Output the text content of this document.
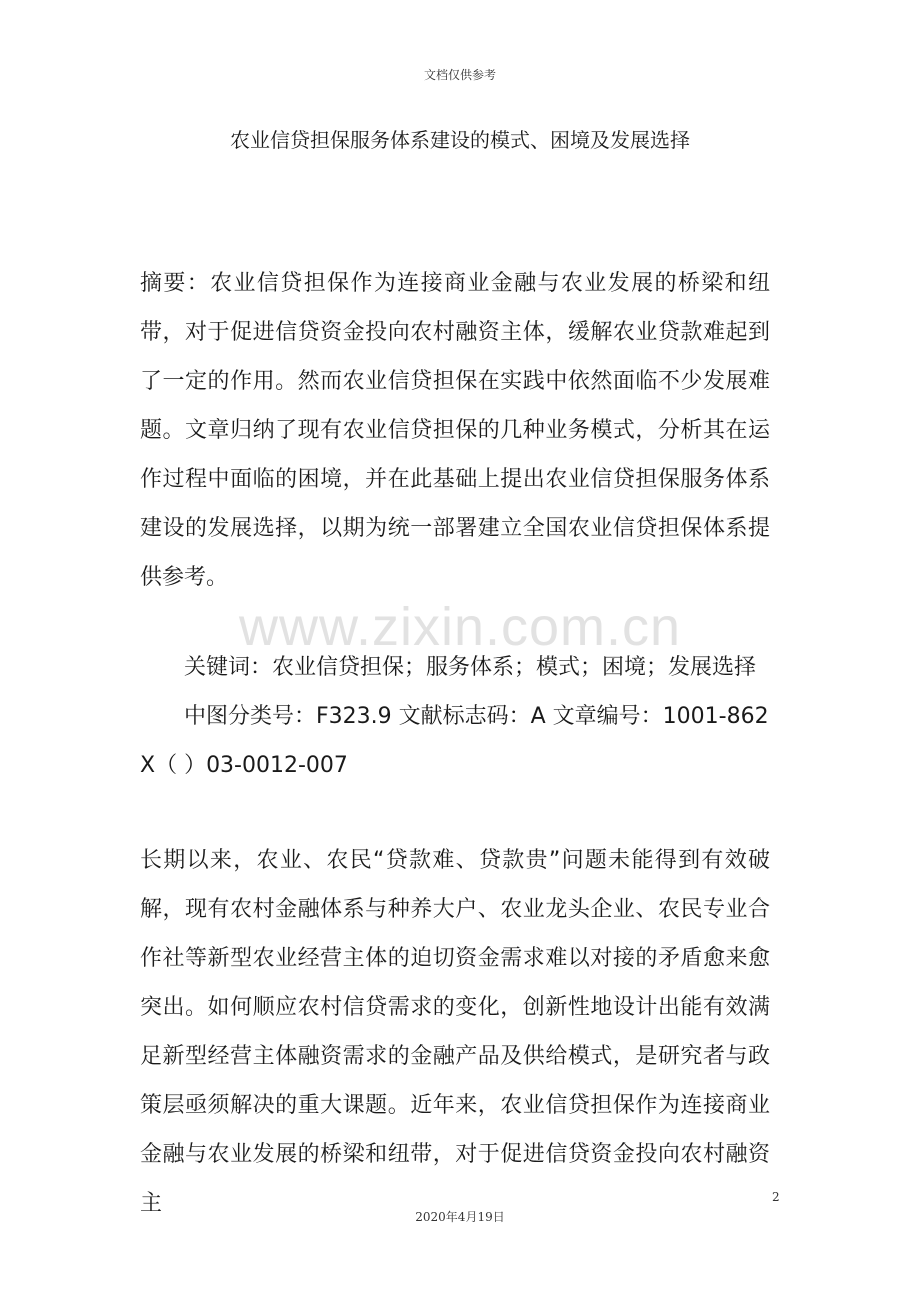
文档仅供参考
农业信贷担保服务体系建设的模式、困境及发展选择
www.zixin.com.cn
摘要：农业信贷担保作为连接商业金融与农业发展的桥梁和纽带，对于促进信贷资金投向农村融资主体，缓解农业贷款难起到了一定的作用。然而农业信贷担保在实践中依然面临不少发展难题。文章归纳了现有农业信贷担保的几种业务模式，分析其在运作过程中面临的困境，并在此基础上提出农业信贷担保服务体系建设的发展选择，以期为统一部署建立全国农业信贷担保体系提供参考。
关键词：农业信贷担保；服务体系；模式；困境；发展选择
中图分类号：F323.9 文献标志码：A 文章编号：1001-862X（ ）03-0012-007
长期以来，农业、农民“贷款难、贷款贵”问题未能得到有效破解，现有农村金融体系与种养大户、农业龙头企业、农民专业合作社等新型农业经营主体的迫切资金需求难以对接的矛盾愈来愈突出。如何顺应农村信贷需求的变化，创新性地设计出能有效满足新型经营主体融资需求的金融产品及供给模式，是研究者与政策层亟须解决的重大课题。近年来，农业信贷担保作为连接商业金融与农业发展的桥梁和纽带，对于促进信贷资金投向农村融资主	2
2020年4月19日
